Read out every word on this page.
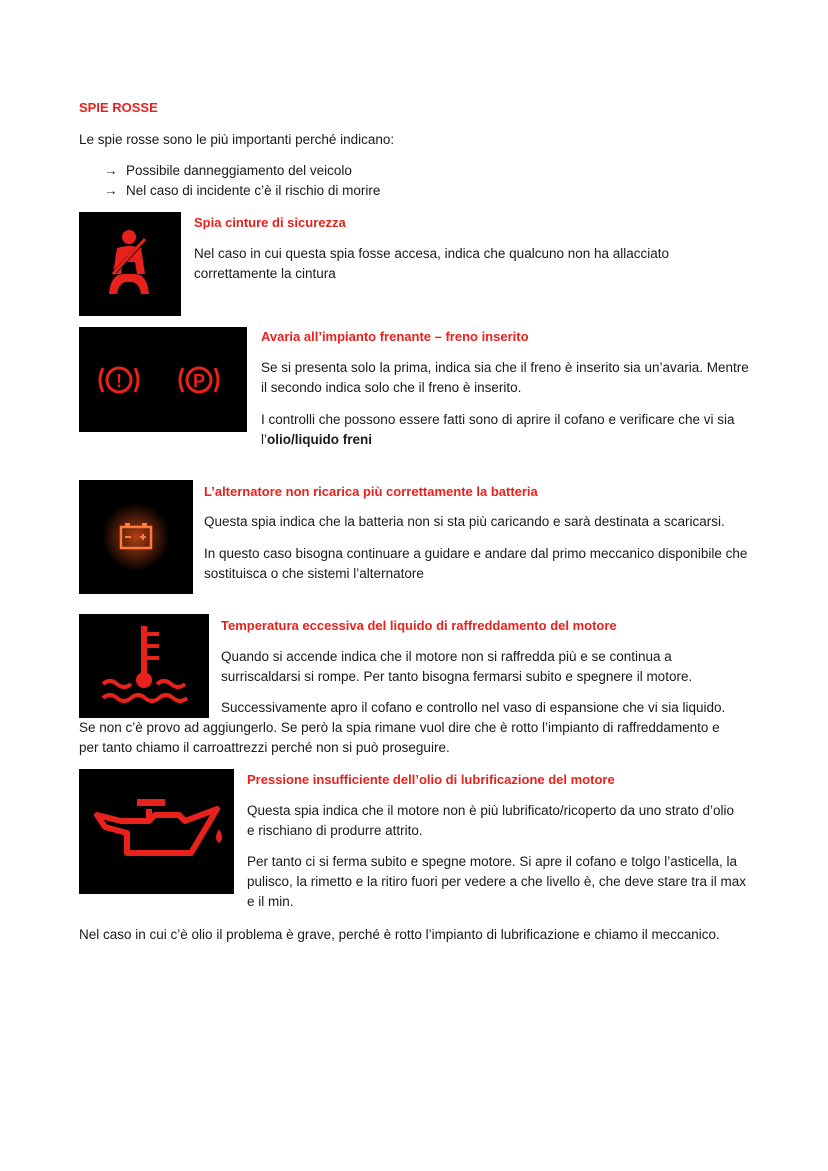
SPIE ROSSE
Le spie rosse sono le più importanti perché indicano:
→ Possibile danneggiamento del veicolo
→ Nel caso di incidente c’è il rischio di morire
Spia cinture di sicurezza
Nel caso in cui questa spia fosse accesa, indica che qualcuno non ha allacciato correttamente la cintura
!	P
Avaria all’impianto frenante – freno inserito
Se si presenta solo la prima, indica sia che il freno è inserito sia un’avaria. Mentre il secondo indica solo che il freno è inserito.
I controlli che possono essere fatti sono di aprire il cofano e verificare che vi sia l’olio/liquido freni
L’alternatore non ricarica più correttamente la batteria
Questa spia indica che la batteria non si sta più caricando e sarà destinata a scaricarsi.
In questo caso bisogna continuare a guidare e andare dal primo meccanico disponibile che sostituisca o che sistemi l’alternatore
Temperatura eccessiva del liquido di raffreddamento del motore
Quando si accende indica che il motore non si raffredda più e se continua a surriscaldarsi si rompe. Per tanto bisogna fermarsi subito e spegnere il motore.
Successivamente apro il cofano e controllo nel vaso di espansione che vi sia liquido.
Se non c’è provo ad aggiungerlo. Se però la spia rimane vuol dire che è rotto l’impianto di raffreddamento e
per tanto chiamo il carroattrezzi perché non si può proseguire.
Pressione insufficiente dell’olio di lubrificazione del motore
Questa spia indica che il motore non è più lubrificato/ricoperto da uno strato d’olio e rischiano di produrre attrito.
Per tanto ci si ferma subito e spegne motore. Si apre il cofano e tolgo l’asticella, la pulisco, la rimetto e la ritiro fuori per vedere a che livello è, che deve stare tra il max e il min.
Nel caso in cui c’è olio il problema è grave, perché è rotto l’impianto di lubrificazione e chiamo il meccanico.
